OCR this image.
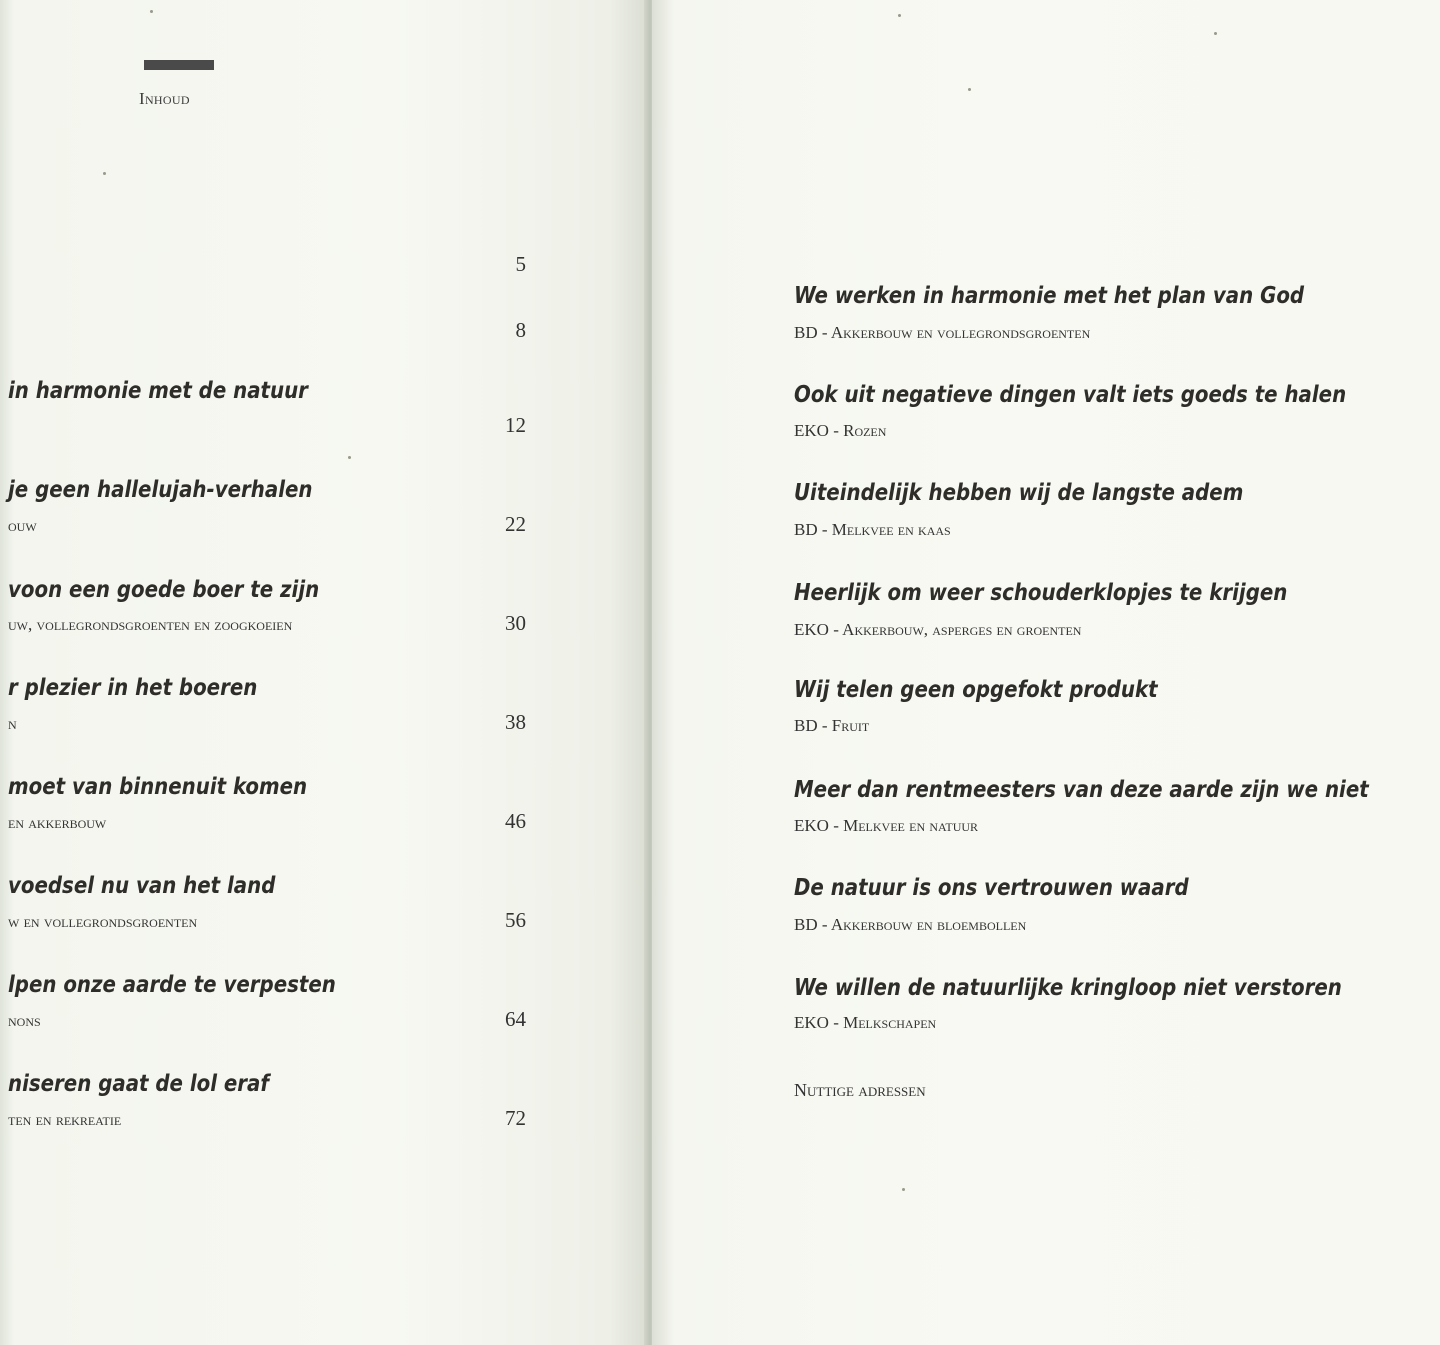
Inhoud
5
8
in harmonie met de natuur
12
je geen hallelujah-verhalen
ouw	22
voon een goede boer te zijn
uw, vollegrondsgroenten en zoogkoeien	30
r plezier in het boeren
n	38
moet van binnenuit komen
en akkerbouw	46
voedsel nu van het land
w en vollegrondsgroenten	56
lpen onze aarde te verpesten
nons	64
niseren gaat de lol eraf
ten en rekreatie	72
We werken in harmonie met het plan van God
BD - Akkerbouw en vollegrondsgroenten
Ook uit negatieve dingen valt iets goeds te halen
EKO - Rozen
Uiteindelijk hebben wij de langste adem
BD - Melkvee en kaas
Heerlijk om weer schouderklopjes te krijgen
EKO - Akkerbouw, asperges en groenten
Wij telen geen opgefokt produkt
BD - Fruit
Meer dan rentmeesters van deze aarde zijn we niet
EKO - Melkvee en natuur
De natuur is ons vertrouwen waard
BD - Akkerbouw en bloembollen
We willen de natuurlijke kringloop niet verstoren
EKO - Melkschapen
Nuttige adressen
